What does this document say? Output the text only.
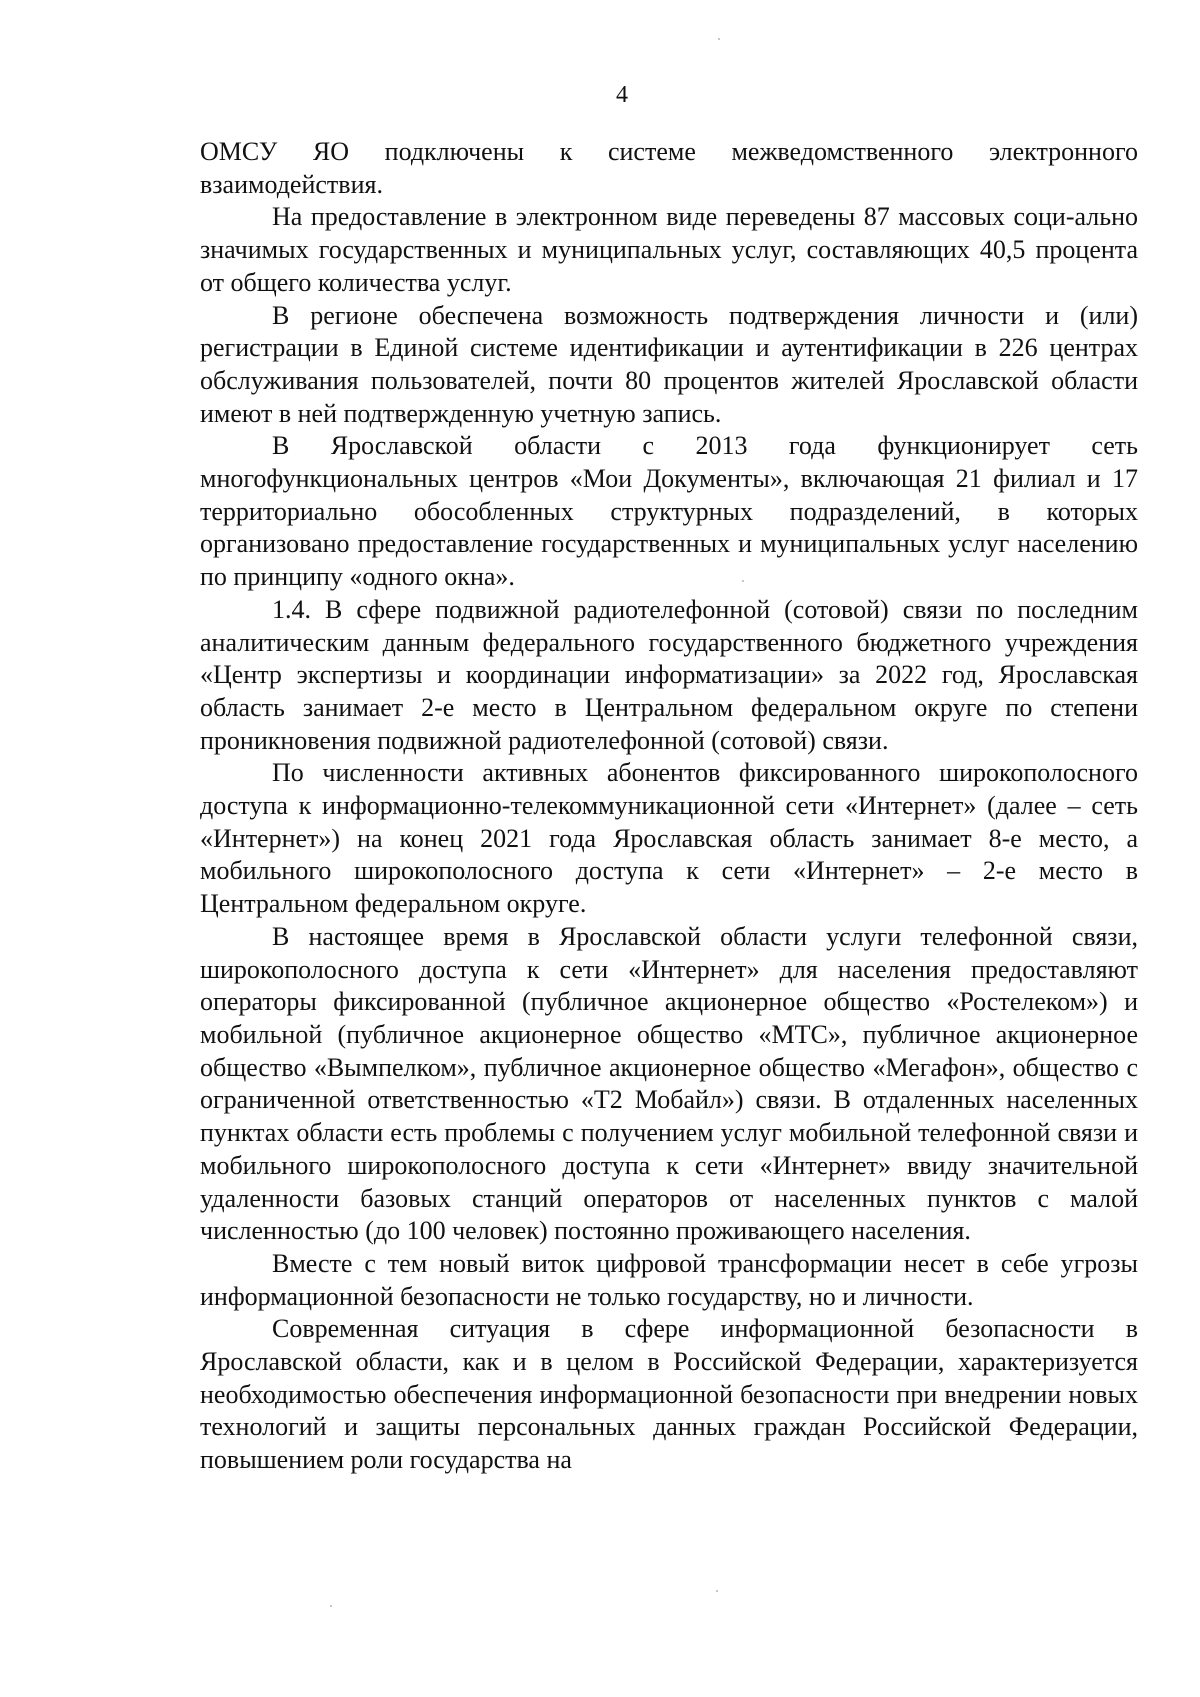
4

ОМСУ ЯО подключены к системе межведомственного электронного взаимодействия.

На предоставление в электронном виде переведены 87 массовых соци-ально значимых государственных и муниципальных услуг, составляющих 40,5 процента от общего количества услуг.

В регионе обеспечена возможность подтверждения личности и (или) регистрации в Единой системе идентификации и аутентификации в 226 центрах обслуживания пользователей, почти 80 процентов жителей Ярославской области имеют в ней подтвержденную учетную запись.

В Ярославской области с 2013 года функционирует сеть многофункциональных центров «Мои Документы», включающая 21 филиал и 17 территориально обособленных структурных подразделений, в которых организовано предоставление государственных и муниципальных услуг населению по принципу «одного окна».

1.4. В сфере подвижной радиотелефонной (сотовой) связи по последним аналитическим данным федерального государственного бюджетного учреждения «Центр экспертизы и координации информатизации» за 2022 год, Ярославская область занимает 2-е место в Центральном федеральном округе по степени проникновения подвижной радиотелефонной (сотовой) связи.

По численности активных абонентов фиксированного широкополосного доступа к информационно-телекоммуникационной сети «Интернет» (далее – сеть «Интернет») на конец 2021 года Ярославская область занимает 8-е место, а мобильного широкополосного доступа к сети «Интернет» – 2-е место в Центральном федеральном округе.

В настоящее время в Ярославской области услуги телефонной связи, широкополосного доступа к сети «Интернет» для населения предоставляют операторы фиксированной (публичное акционерное общество «Ростелеком») и мобильной (публичное акционерное общество «МТС», публичное акционерное общество «Вымпелком», публичное акционерное общество «Мегафон», общество с ограниченной ответственностью «Т2 Мобайл») связи. В отдаленных населенных пунктах области есть проблемы с получением услуг мобильной телефонной связи и мобильного широкополосного доступа к сети «Интернет» ввиду значительной удаленности базовых станций операторов от населенных пунктов с малой численностью (до 100 человек) постоянно проживающего населения.

Вместе с тем новый виток цифровой трансформации несет в себе угрозы информационной безопасности не только государству, но и личности.

Современная ситуация в сфере информационной безопасности в Ярославской области, как и в целом в Российской Федерации, характеризуется необходимостью обеспечения информационной безопасности при внедрении новых технологий и защиты персональных данных граждан Российской Федерации, повышением роли государства на
